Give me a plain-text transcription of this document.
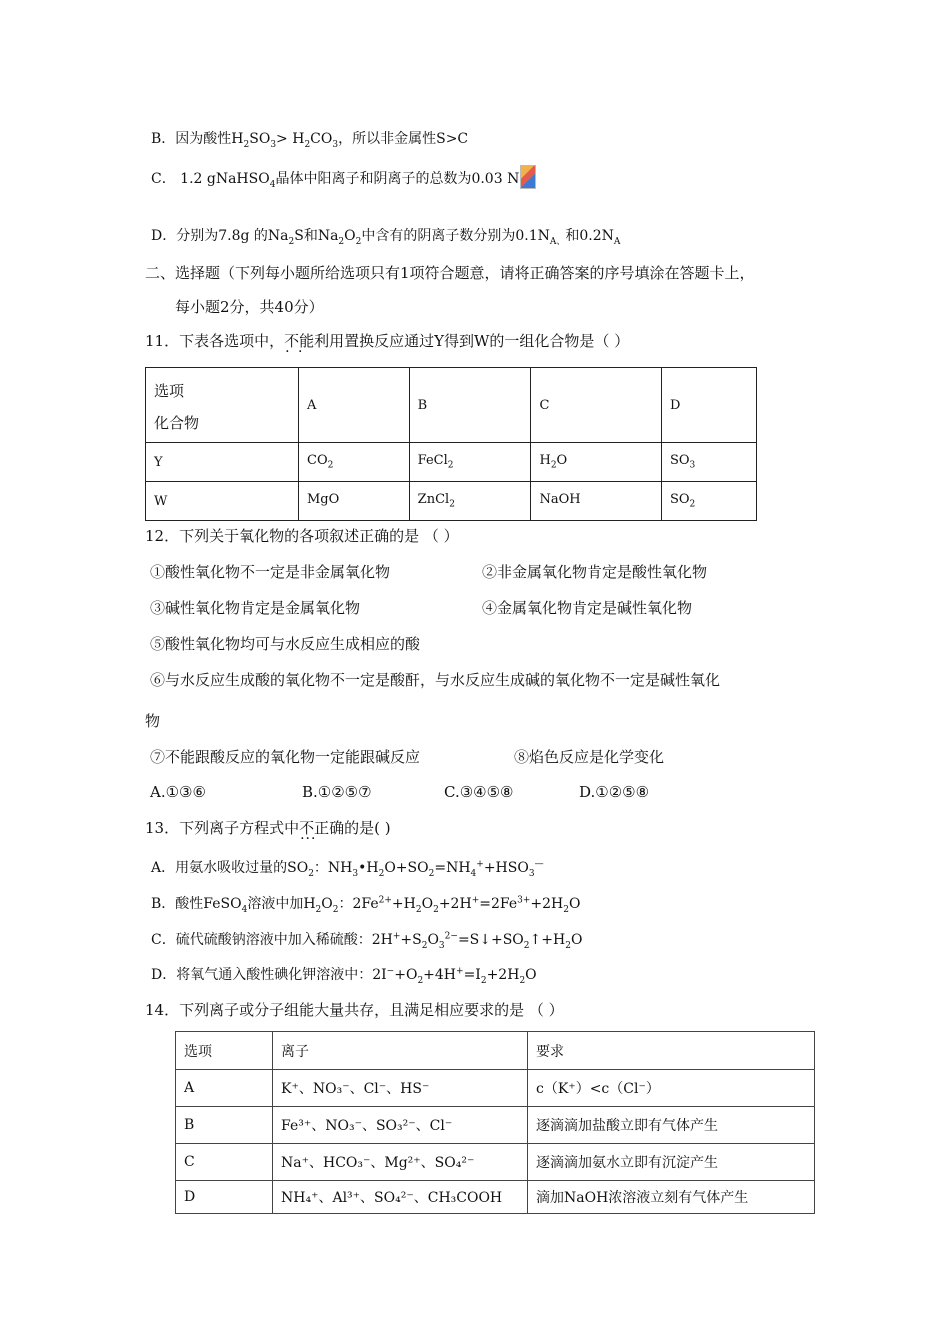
B．因为酸性$H_2SO_3> H_2CO_3$，所以非金属性S>C
C． 1.2 gNaHSO$_4$晶体中阳离子和阴离子的总数为0.03 N
D．分别为7.8g 的$Na_2S$和$Na_2O_2$中含有的阴离子数分别为$0.1N_{A、}$和$0.2N_A$
二、选择题（下列每小题所给选项只有1项符合题意，请将正确答案的序号填涂在答题卡上，
每小题2分，共40分）
11．下表各选项中，不能 · ·利用置换反应通过Y得到W的一组化合物是（ ）
选项
化合物	A	B	C	D
Y	$CO_2$	FeCl$_2$	$H_2O$	$SO_3$
W	MgO	ZnCl$_2$	NaOH	$SO_2$
12．下列关于氧化物的各项叙述正确的是 （ ）
①酸性氧化物不一定是非金属氧化物	②非金属氧化物肯定是酸性氧化物
③碱性氧化物肯定是金属氧化物	④金属氧化物肯定是碱性氧化物
⑤酸性氧化物均可与水反应生成相应的酸
⑥与水反应生成酸的氧化物不一定是酸酐，与水反应生成碱的氧化物不一定是碱性氧化
物
⑦不能跟酸反应的氧化物一定能跟碱反应	⑧焰色反应是化学变化
A.①③⑥	B.①②⑤⑦	C.③④⑤⑧	D.①②⑤⑧
13．下列离子方程式中不正确 ···的是( )
A．用氨水吸收过量的$SO_2$：$NH_3•H_2O+SO_2=NH_4^++HSO_3^—$
B．酸性FeSO$_4$溶液中加$H_2O_2$：$2Fe^{2+}+H_2O_2+2H^+=2Fe^{3+}+2H_2O$
C．硫代硫酸钠溶液中加入稀硫酸：$2H^++S_2O_3^{2-}=S↓+SO_2↑+H_2O$
D．将氧气通入酸性碘化钾溶液中：$2I^-+O_2+4H^+=I_2+2H_2O$
14．下列离子或分子组能大量共存，且满足相应要求的是 （ ）
选项	离子	要求
A	K⁺、NO₃⁻、Cl⁻、HS⁻	c（K⁺）<c（Cl⁻）
B	Fe³⁺、NO₃⁻、SO₃²⁻、Cl⁻	逐滴滴加盐酸立即有气体产生
C	Na⁺、HCO₃⁻、Mg²⁺、SO₄²⁻	逐滴滴加氨水立即有沉淀产生
D	NH₄⁺、Al³⁺、SO₄²⁻、CH₃COOH	滴加NaOH浓溶液立刻有气体产生
